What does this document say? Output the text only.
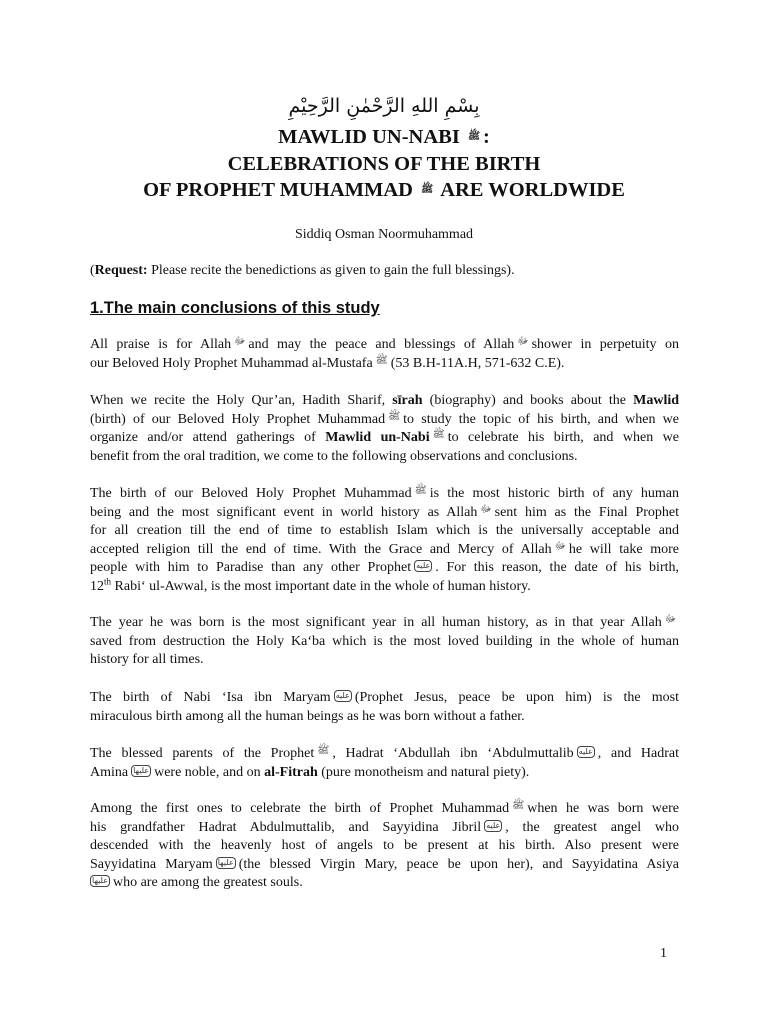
بِسْمِ اللهِ الرَّحْمٰنِ الرَّحِيْمِ
MAWLID UN-NABI ﷺ :
CELEBRATIONS OF THE BIRTH
OF PROPHET MUHAMMAD ﷺ ARE WORLDWIDE
Siddiq Osman Noormuhammad
(Request: Please recite the benedictions as given to gain the full blessings).
1.The main conclusions of this study
All praise is for Allah ﷻ and may the peace and blessings of Allah ﷻ shower in perpetuity on
our Beloved Holy Prophet Muhammad al-Mustafa ﷺ (53 B.H-11A.H, 571-632 C.E).
When we recite the Holy Qur’an, Hadith Sharif, sīrah (biography) and books about the Mawlid
(birth) of our Beloved Holy Prophet Muhammad ﷺ to study the topic of his birth, and when we
organize and/or attend gatherings of Mawlid un-Nabi ﷺ to celebrate his birth, and when we
benefit from the oral tradition, we come to the following observations and conclusions.
The birth of our Beloved Holy Prophet Muhammad ﷺ is the most historic birth of any human
being and the most significant event in world history as Allah ﷻ sent him as the Final Prophet
for all creation till the end of time to establish Islam which is the universally acceptable and
accepted religion till the end of time. With the Grace and Mercy of Allah ﷻ he will take more
people with him to Paradise than any other Prophet عليه . For this reason, the date of his birth,
12th Rabi‘ ul-Awwal, is the most important date in the whole of human history.
The year he was born is the most significant year in all human history, as in that year Allah ﷻ
saved from destruction the Holy Ka‘ba which is the most loved building in the whole of human
history for all times.
The birth of Nabi ‘Isa ibn Maryam عليه (Prophet Jesus, peace be upon him) is the most
miraculous birth among all the human beings as he was born without a father.
The blessed parents of the Prophet ﷺ , Hadrat ‘Abdullah ibn ‘Abdulmuttalib عليه , and Hadrat
Amina عليها were noble, and on al-Fitrah (pure monotheism and natural piety).
Among the first ones to celebrate the birth of Prophet Muhammad ﷺ when he was born were
his grandfather Hadrat Abdulmuttalib, and Sayyidina Jibril عليه , the greatest angel who
descended with the heavenly host of angels to be present at his birth. Also present were
Sayyidatina Maryam عليها (the blessed Virgin Mary, peace be upon her), and Sayyidatina Asiya
عليها who are among the greatest souls.
1
